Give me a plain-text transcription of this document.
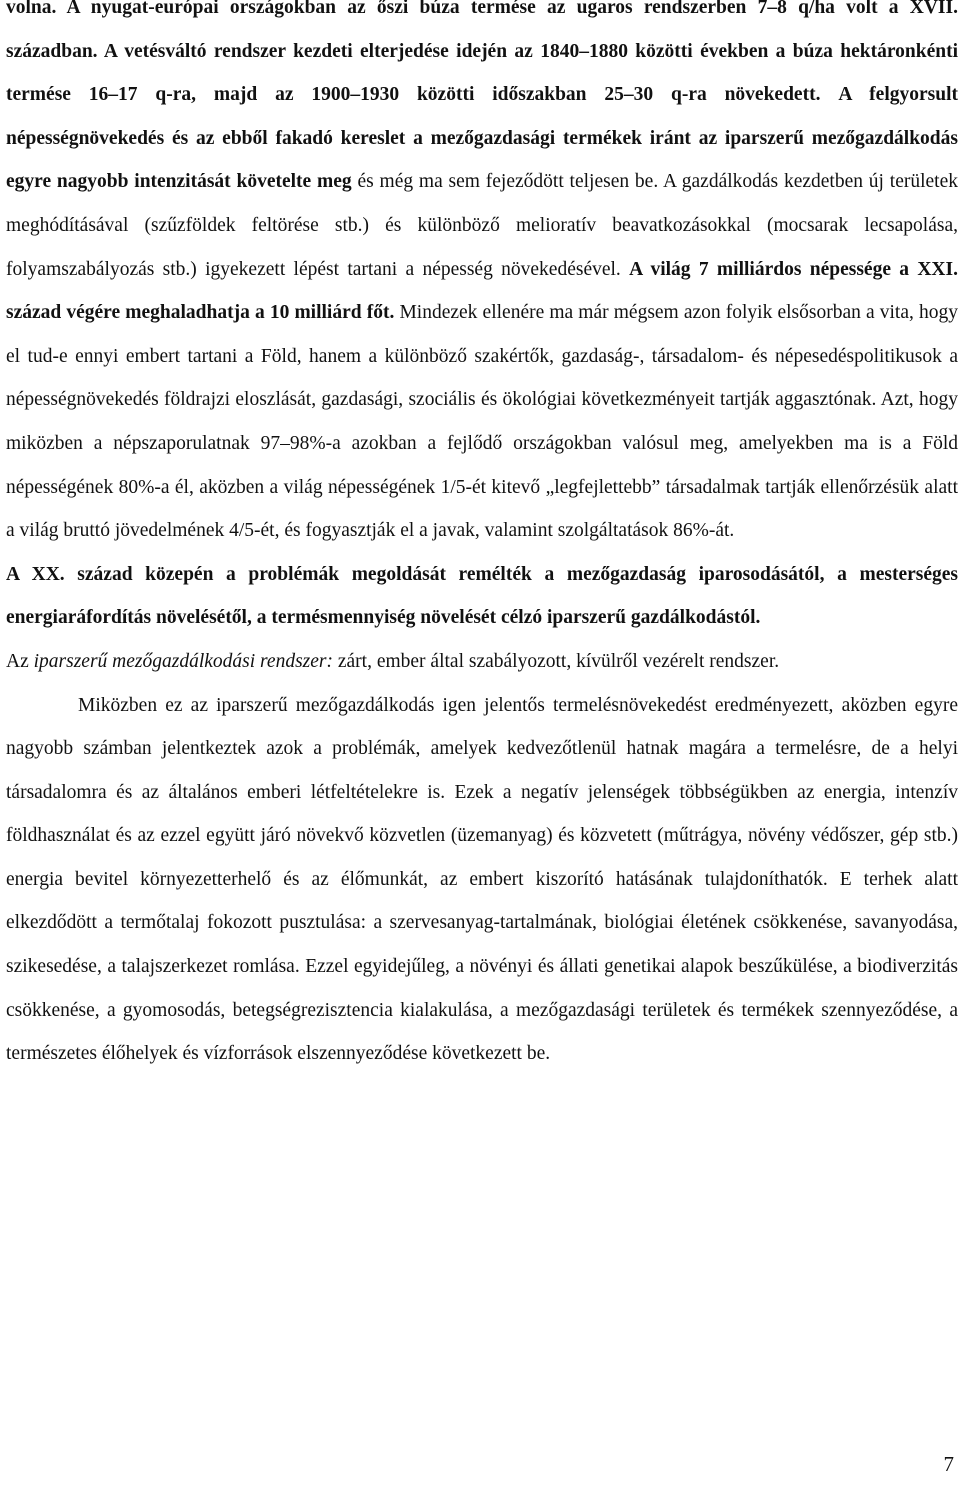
volna. A nyugat-európai országokban az őszi búza termése az ugaros rendszerben 7–8 q/ha volt a XVII. században. A vetésváltó rendszer kezdeti elterjedése idején az 1840–1880 közötti években a búza hektáronkénti termése 16–17 q-ra, majd az 1900–1930 közötti időszakban 25–30 q-ra növekedett. A felgyorsult népességnövekedés és az ebből fakadó kereslet a mezőgazdasági termékek iránt az iparszerű mezőgazdálkodás egyre nagyobb intenzitását követelte meg és még ma sem fejeződött teljesen be. A gazdálkodás kezdetben új területek meghódításával (szűzföldek feltörése stb.) és különböző melioratív beavatkozásokkal (mocsarak lecsapolása, folyamszabályozás stb.) igyekezett lépést tartani a népesség növekedésével. A világ 7 milliárdos népessége a XXI. század végére meghaladhatja a 10 milliárd főt. Mindezek ellenére ma már mégsem azon folyik elsősorban a vita, hogy el tud-e ennyi embert tartani a Föld, hanem a különböző szakértők, gazdaság-, társadalom- és népesedéspolitikusok a népességnövekedés földrajzi eloszlását, gazdasági, szociális és ökológiai következményeit tartják aggasztónak. Azt, hogy miközben a népszaporulatnak 97–98%-a azokban a fejlődő országokban valósul meg, amelyekben ma is a Föld népességének 80%-a él, aközben a világ népességének 1/5-ét kitevő „legfejlettebb” társadalmak tartják ellenőrzésük alatt a világ bruttó jövedelmének 4/5-ét, és fogyasztják el a javak, valamint szolgáltatások 86%-át.

A XX. század közepén a problémák megoldását remélték a mezőgazdaság iparosodásától, a mesterséges energiaráfordítás növelésétől, a termésmennyiség növelését célzó iparszerű gazdálkodástól.

Az iparszerű mezőgazdálkodási rendszer: zárt, ember által szabályozott, kívülről vezérelt rendszer.

Miközben ez az iparszerű mezőgazdálkodás igen jelentős termelésnövekedést eredményezett, aközben egyre nagyobb számban jelentkeztek azok a problémák, amelyek kedvezőtlenül hatnak magára a termelésre, de a helyi társadalomra és az általános emberi létfeltételekre is. Ezek a negatív jelenségek többségükben az energia, intenzív földhasználat és az ezzel együtt járó növekvő közvetlen (üzemanyag) és közvetett (műtrágya, növény védőszer, gép stb.) energia bevitel környezetterhelő és az élőmunkát, az embert kiszorító hatásának tulajdoníthatók. E terhek alatt elkezdődött a termőtalaj fokozott pusztulása: a szervesanyag-tartalmának, biológiai életének csökkenése, savanyodása, szikesedése, a talajszerkezet romlása. Ezzel egyidejűleg, a növényi és állati genetikai alapok beszűkülése, a biodiverzitás csökkenése, a gyomosodás, betegségrezisztencia kialakulása, a mezőgazdasági területek és termékek szennyeződése, a természetes élőhelyek és vízforrások elszennyeződése következett be.

7
